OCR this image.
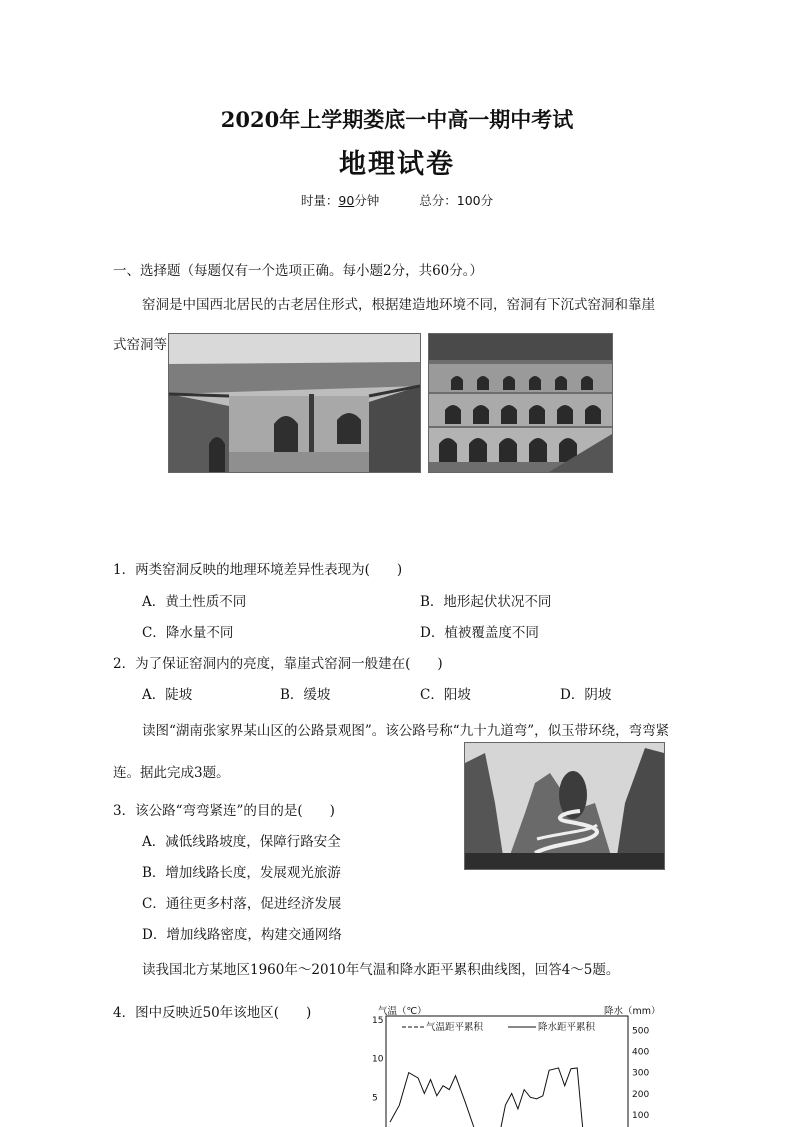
2020年上学期娄底一中高一期中考试
地理试卷
时量：90分钟	总分：100分
一、选择题（每题仅有一个选项正确。每小题2分，共60分。）
窑洞是中国西北居民的古老居住形式，根据建造地环境不同，窑洞有下沉式窑洞和靠崖
式窑洞等
1．两类窑洞反映的地理环境差异性表现为(　　)
A．黄土性质不同	B．地形起伏状况不同
C．降水量不同	D．植被覆盖度不同
2．为了保证窑洞内的亮度，靠崖式窑洞一般建在(　　)
A．陡坡	B．缓坡	C．阳坡	D．阴坡
读图“湖南张家界某山区的公路景观图”。该公路号称“九十九道弯”，似玉带环绕，弯弯紧
连。据此完成3题。
3．该公路“弯弯紧连”的目的是(　　)
A．减低线路坡度，保障行路安全
B．增加线路长度，发展观光旅游
C．通往更多村落，促进经济发展
D．增加线路密度，构建交通网络
读我国北方某地区1960年～2010年气温和降水距平累积曲线图，回答4～5题。
4．图中反映近50年该地区(　　)	气温（℃）	降水（mm）
15
10
5
500
400
300
200
100
气温距平累积	降水距平累积
